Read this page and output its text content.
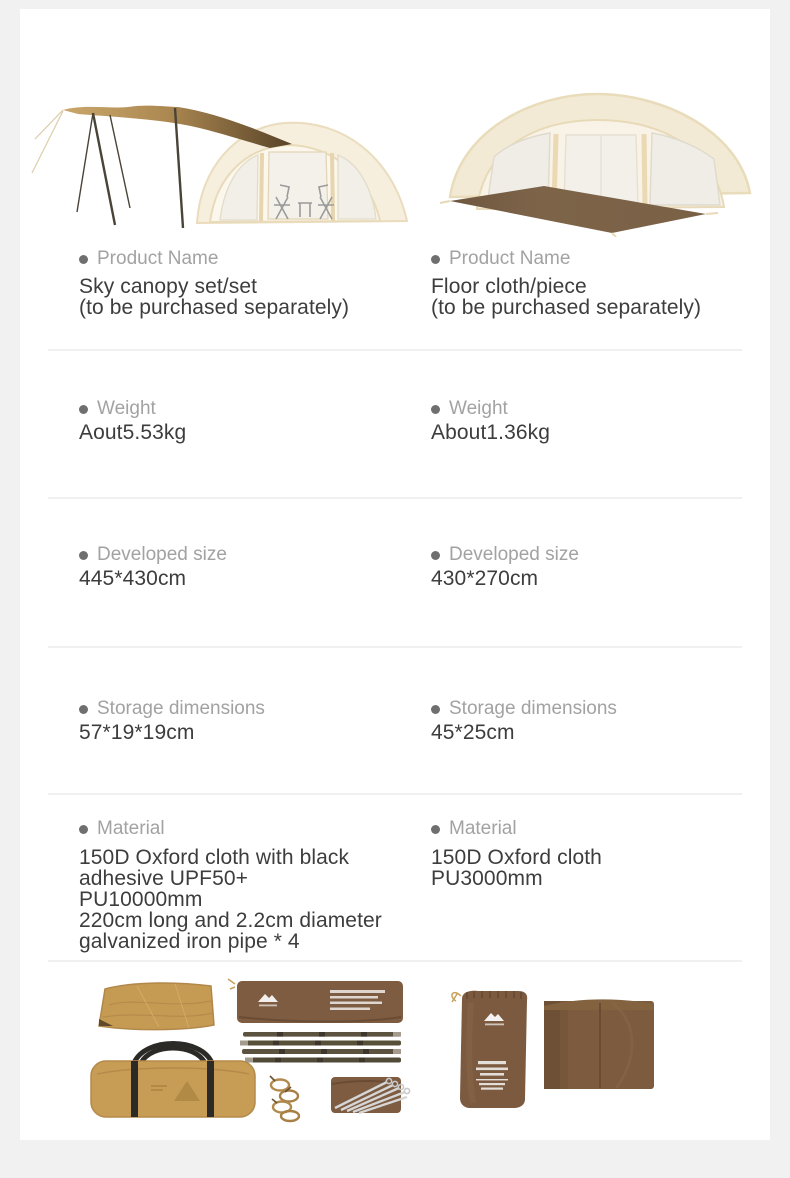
Product Name
Sky canopy set/set
(to be purchased separately)
Product Name
Floor cloth/piece
(to be purchased separately)
Weight
Aout5.53kg
Weight
About1.36kg
Developed size
445*430cm
Developed size
430*270cm
Storage dimensions
57*19*19cm
Storage dimensions
45*25cm
Material
150D Oxford cloth with black
adhesive UPF50+
PU10000mm
220cm long and 2.2cm diameter
galvanized iron pipe * 4
Material
150D Oxford cloth
PU3000mm
